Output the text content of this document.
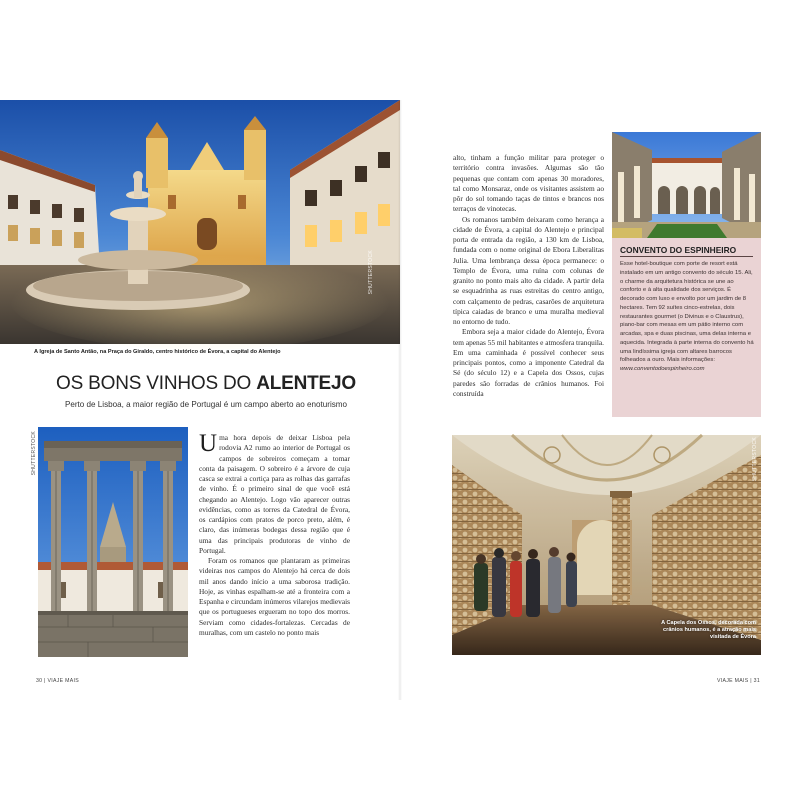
SHUTTERSTOCK
A Igreja de Santo Antão, na Praça do Giraldo, centro histórico de Évora, a capital do Alentejo
OS BONS VINHOS DO ALENTEJO
Perto de Lisboa, a maior região de Portugal é um campo aberto ao enoturismo
SHUTTERSTOCK	Uma hora depois de deixar Lisboa pela rodovia A2 rumo ao interior de Portugal os campos de sobreiros começam a tomar conta da paisagem. O sobreiro é a árvore de cuja casca se extrai a cortiça para as rolhas das garrafas de vinho. É o primeiro sinal de que você está chegando ao Alentejo. Logo vão aparecer outras evidências, como as torres da Catedral de Évora, os cardápios com pratos de porco preto, além, é claro, das inúmeras bodegas dessa região que é uma das principais produtoras de vinho de Portugal.

Foram os romanos que plantaram as primeiras videiras nos campos do Alentejo há cerca de dois mil anos dando início a uma saborosa tradição. Hoje, as vinhas espalham-se até a fronteira com a Espanha e circundam inúmeros vilarejos medievais que os portugueses ergueram no topo dos morros. Serviam como cidades-fortalezas. Cercadas de muralhas, com um castelo no ponto mais

30 | VIAJE MAIS

alto, tinham a função militar para proteger o território contra invasões. Algumas são tão pequenas que contam com apenas 30 moradores, tal como Monsaraz, onde os visitantes assistem ao pôr do sol tomando taças de tintos e brancos nos terraços de vinotecas.

Os romanos também deixaram como herança a cidade de Évora, a capital do Alentejo e principal porta de entrada da região, a 130 km de Lisboa, fundada com o nome original de Ebora Liberalitas Julia. Uma lembrança dessa época permanece: o Templo de Évora, uma ruína com colunas de granito no ponto mais alto da cidade. A partir dela se esquadrinha as ruas estreitas do centro antigo, com calçamento de pedras, casarões de arquitetura típica caiadas de branco e uma muralha medieval no entorno de tudo.

Embora seja a maior cidade do Alentejo, Évora tem apenas 55 mil habitantes e atmosfera tranquila. Em uma caminhada é possível conhecer seus principais pontos, como a imponente Catedral da Sé (do século 12) e a Capela dos Ossos, cujas paredes são forradas de crânios humanos. Foi construída

CONVENTO DO ESPINHEIRO
Esse hotel-boutique com porte de resort está instalado em um antigo convento do século 15. Ali, o charme da arquitetura histórica se une ao conforto e à alta qualidade dos serviços. É decorado com luxo e envolto por um jardim de 8 hectares. Tem 92 suítes cinco-estrelas, dois restaurantes gourmet (o Divinus e o Claustrus), piano-bar com mesas em um pátio interno com arcadas, spa e duas piscinas, uma delas interna e aquecida. Integrada à parte interna do convento há uma lindíssima igreja com altares barrocos folheados a ouro. Mais informações: www.conventodoespinheiro.com
SHUTTERSTOCK
A Capela dos Ossos, decorada com crânios humanos, é a atração mais visitada de Évora
VIAJE MAIS | 31
